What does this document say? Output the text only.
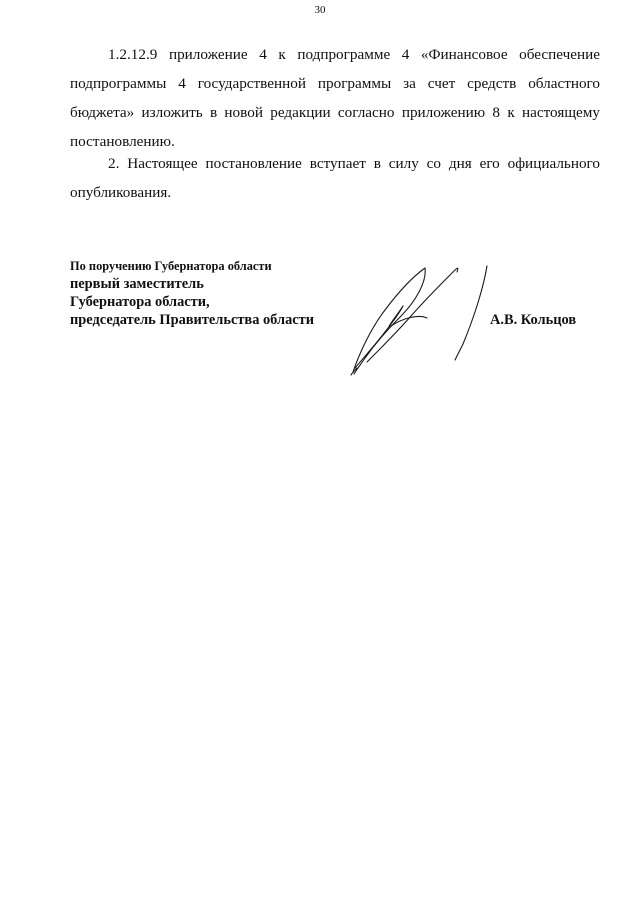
30

1.2.12.9 приложение 4 к подпрограмме 4 «Финансовое обеспечение подпрограммы 4 государственной программы за счет средств областного бюджета» изложить в новой редакции согласно приложению 8 к настоящему постановлению.

2. Настоящее постановление вступает в силу со дня его официального опубликования.

По поручению Губернатора области
первый заместитель
Губернатора области,
председатель Правительства области	А.В. Кольцов
